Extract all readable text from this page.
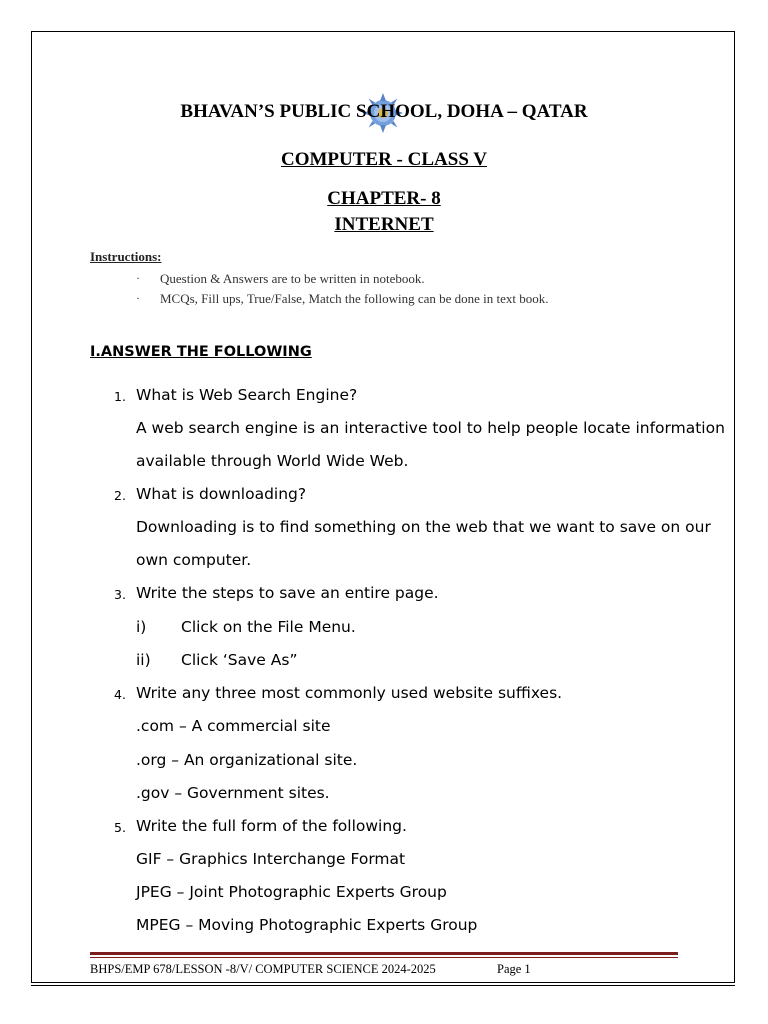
BHAVAN’S PUBLIC SCHOOL, DOHA – QATAR
COMPUTER - CLASS V
CHAPTER- 8
INTERNET
Instructions:
· Question & Answers are to be written in notebook.
· MCQs, Fill ups, True/False, Match the following can be done in text book.
I.ANSWER THE FOLLOWING
1. What is Web Search Engine?
A web search engine is an interactive tool to help people locate information
available through World Wide Web.
2. What is downloading?
Downloading is to find something on the web that we want to save on our
own computer.
3. Write the steps to save an entire page.
i) Click on the File Menu.
ii) Click ‘Save As”
4. Write any three most commonly used website suffixes.
.com – A commercial site
.org – An organizational site.
.gov – Government sites.
5. Write the full form of the following.
GIF – Graphics Interchange Format
JPEG – Joint Photographic Experts Group
MPEG – Moving Photographic Experts Group
BHPS/EMP 678/LESSON -8/V/ COMPUTER SCIENCE 2024-2025	Page 1
